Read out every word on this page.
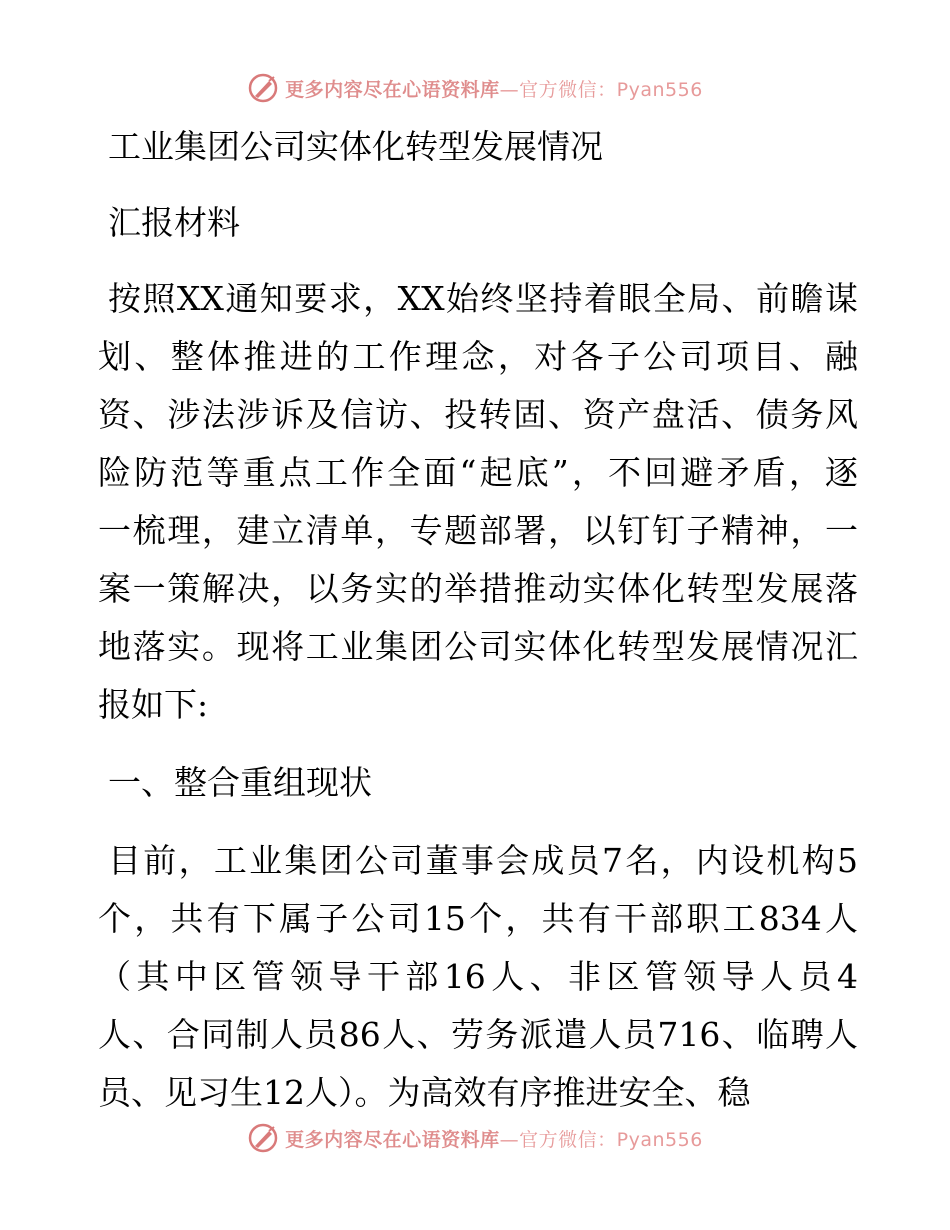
更多内容尽在心语资料库—官方微信：Pyan556
工业集团公司实体化转型发展情况
汇报材料
按照XX通知要求，XX始终坚持着眼全局、前瞻谋
划、整体推进的工作理念，对各子公司项目、融
资、涉法涉诉及信访、投转固、资产盘活、债务风
险防范等重点工作全面“起底”，不回避矛盾，逐
一梳理，建立清单，专题部署，以钉钉子精神，一
案一策解决，以务实的举措推动实体化转型发展落
地落实。现将工业集团公司实体化转型发展情况汇
报如下:
一、整合重组现状
目前，工业集团公司董事会成员7名，内设机构5
个，共有下属子公司15个，共有干部职工834人
（其中区管领导干部16人、非区管领导人员4
人、合同制人员86人、劳务派遣人员716、临聘人
员、见习生12人）。为高效有序推进安全、稳
更多内容尽在心语资料库—官方微信：Pyan556
